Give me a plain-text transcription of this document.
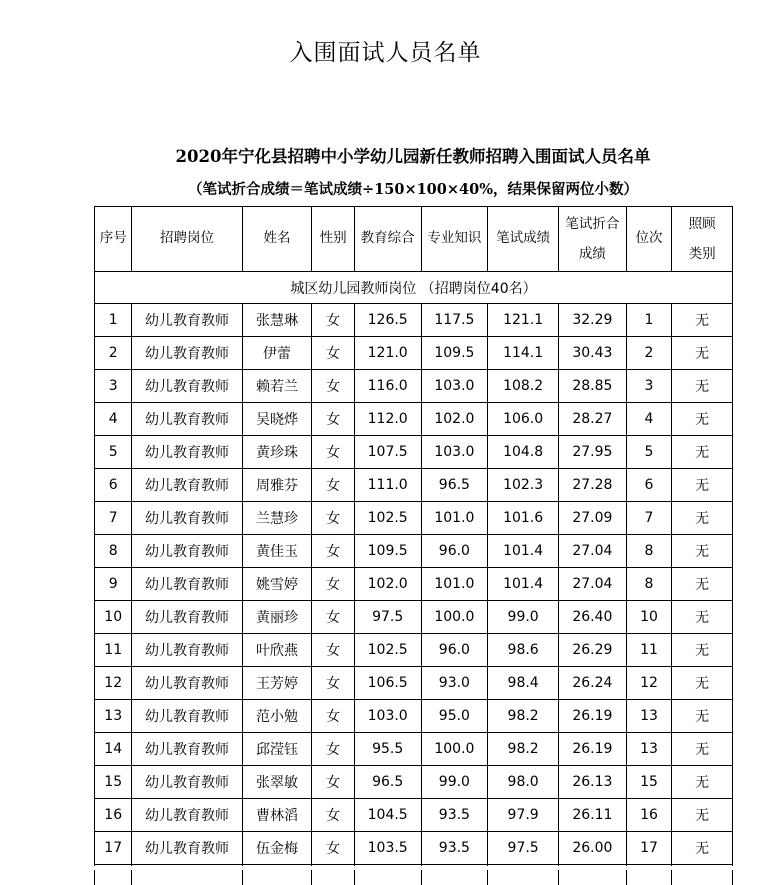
入围面试人员名单
2020年宁化县招聘中小学幼儿园新任教师招聘入围面试人员名单
（笔试折合成绩＝笔试成绩÷150×100×40%，结果保留两位小数）
序号	招聘岗位	姓名	性别	教育综合	专业知识	笔试成绩	笔试折合成绩	位次	照顾类别
城区幼儿园教师岗位 （招聘岗位40名）									
1	幼儿教育教师	张慧琳	女	126.5	117.5	121.1	32.29	1	无
2	幼儿教育教师	伊蕾	女	121.0	109.5	114.1	30.43	2	无
3	幼儿教育教师	赖若兰	女	116.0	103.0	108.2	28.85	3	无
4	幼儿教育教师	吴晓烨	女	112.0	102.0	106.0	28.27	4	无
5	幼儿教育教师	黄珍珠	女	107.5	103.0	104.8	27.95	5	无
6	幼儿教育教师	周雅芬	女	111.0	96.5	102.3	27.28	6	无
7	幼儿教育教师	兰慧珍	女	102.5	101.0	101.6	27.09	7	无
8	幼儿教育教师	黄佳玉	女	109.5	96.0	101.4	27.04	8	无
9	幼儿教育教师	姚雪婷	女	102.0	101.0	101.4	27.04	8	无
10	幼儿教育教师	黄丽珍	女	97.5	100.0	99.0	26.40	10	无
11	幼儿教育教师	叶欣燕	女	102.5	96.0	98.6	26.29	11	无
12	幼儿教育教师	王芳婷	女	106.5	93.0	98.4	26.24	12	无
13	幼儿教育教师	范小勉	女	103.0	95.0	98.2	26.19	13	无
14	幼儿教育教师	邱滢钰	女	95.5	100.0	98.2	26.19	13	无
15	幼儿教育教师	张翠敏	女	96.5	99.0	98.0	26.13	15	无
16	幼儿教育教师	曹林滔	女	104.5	93.5	97.9	26.11	16	无
17	幼儿教育教师	伍金梅	女	103.5	93.5	97.5	26.00	17	无
